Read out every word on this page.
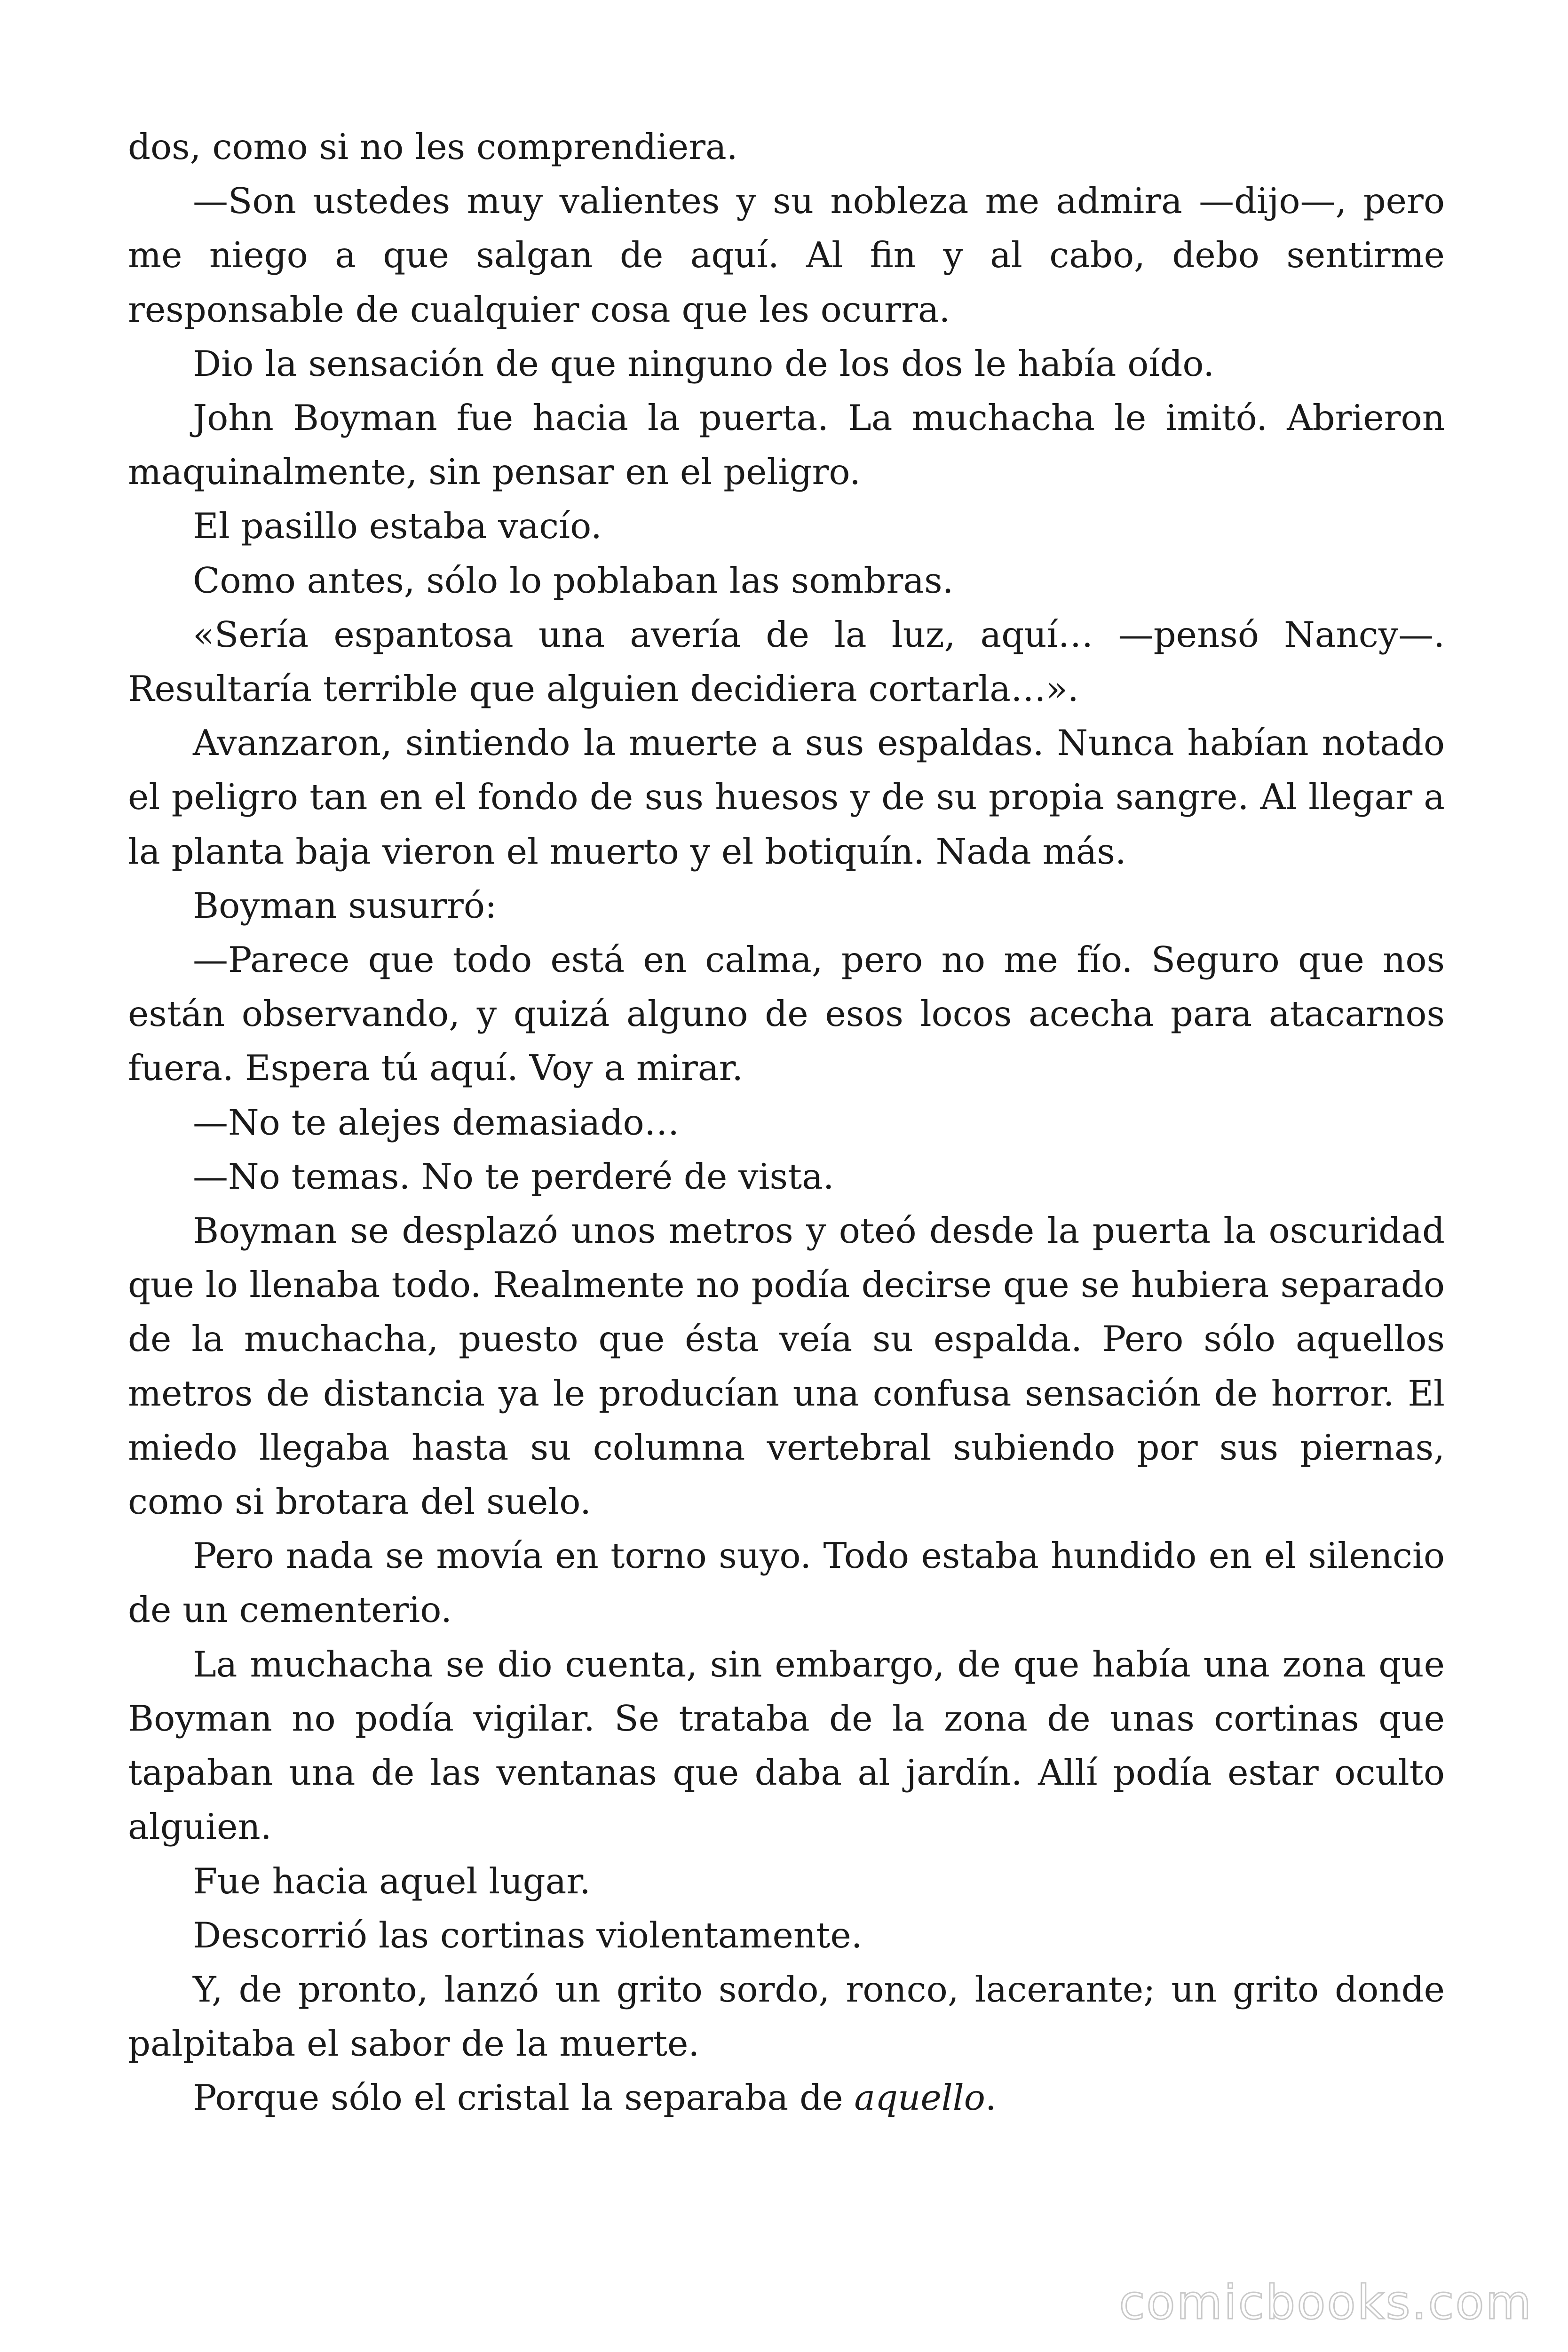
dos, como si no les comprendiera.

—Son ustedes muy valientes y su nobleza me admira —dijo—, pero me niego a que salgan de aquí. Al fin y al cabo, debo sentirme responsable de cualquier cosa que les ocurra.

Dio la sensación de que ninguno de los dos le había oído.

John Boyman fue hacia la puerta. La muchacha le imitó. Abrieron maquinalmente, sin pensar en el peligro.

El pasillo estaba vacío.

Como antes, sólo lo poblaban las sombras.

«Sería espantosa una avería de la luz, aquí… —pensó Nancy—. Resultaría terrible que alguien decidiera cortarla…».

Avanzaron, sintiendo la muerte a sus espaldas. Nunca habían notado el peligro tan en el fondo de sus huesos y de su propia sangre. Al llegar a la planta baja vieron el muerto y el botiquín. Nada más.

Boyman susurró:

—Parece que todo está en calma, pero no me fío. Seguro que nos están observando, y quizá alguno de esos locos acecha para atacarnos fuera. Espera tú aquí. Voy a mirar.

—No te alejes demasiado…

—No temas. No te perderé de vista.

Boyman se desplazó unos metros y oteó desde la puerta la oscuridad que lo llenaba todo. Realmente no podía decirse que se hubiera separado de la muchacha, puesto que ésta veía su espalda. Pero sólo aquellos metros de distancia ya le producían una confusa sensación de horror. El miedo llegaba hasta su columna vertebral subiendo por sus piernas, como si brotara del suelo.

Pero nada se movía en torno suyo. Todo estaba hundido en el silencio de un cementerio.

La muchacha se dio cuenta, sin embargo, de que había una zona que Boyman no podía vigilar. Se trataba de la zona de unas cortinas que tapaban una de las ventanas que daba al jardín. Allí podía estar oculto alguien.

Fue hacia aquel lugar.

Descorrió las cortinas violentamente.

Y, de pronto, lanzó un grito sordo, ronco, lacerante; un grito donde palpitaba el sabor de la muerte.

Porque sólo el cristal la separaba de aquello.

comicbooks.com
